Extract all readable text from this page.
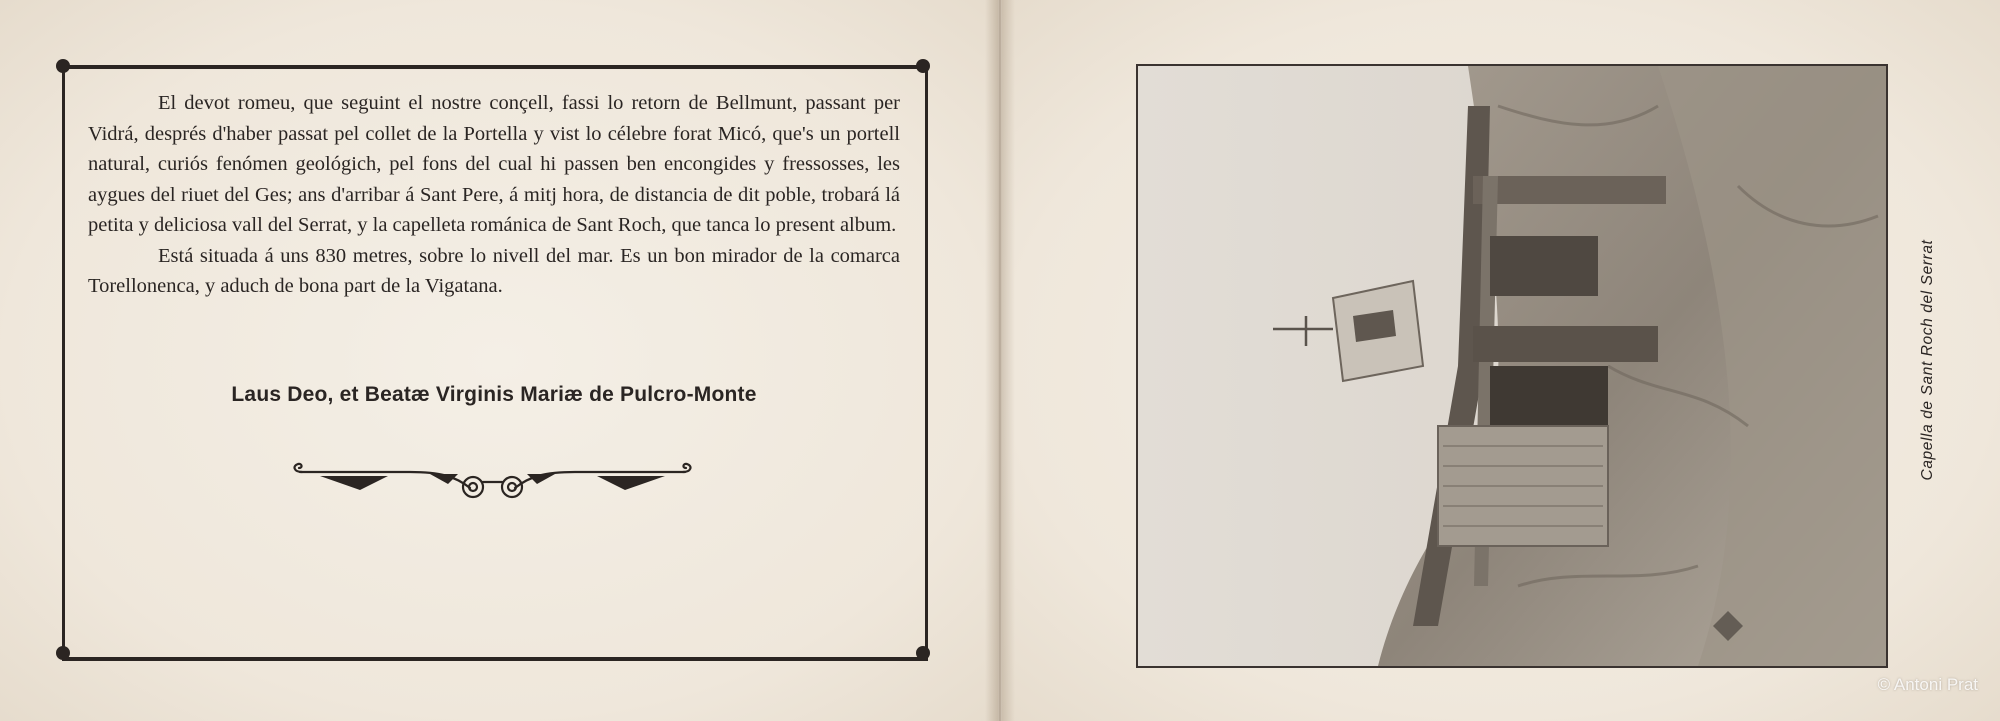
El devot romeu, que seguint el nostre conçell, fassi lo retorn de Bellmunt, passant per Vidrá, després d'haber passat pel collet de la Portella y vist lo célebre forat Micó, que's un portell natural, curiós fenómen geológich, pel fons del cual hi passen ben encongides y fressosses, les aygues del riuet del Ges; ans d'arribar á Sant Pere, á mitj hora, de distancia de dit poble, trobará lá petita y deliciosa vall del Serrat, y la capelleta románica de Sant Roch, que tanca lo present album.

Está situada á uns 830 metres, sobre lo nivell del mar. Es un bon mirador de la comarca Torellonenca, y aduch de bona part de la Vigatana.

Laus Deo, et Beatæ Virginis Mariæ de Pulcro-Monte	Capella de Sant Roch del Serrat
© Antoni Prat
